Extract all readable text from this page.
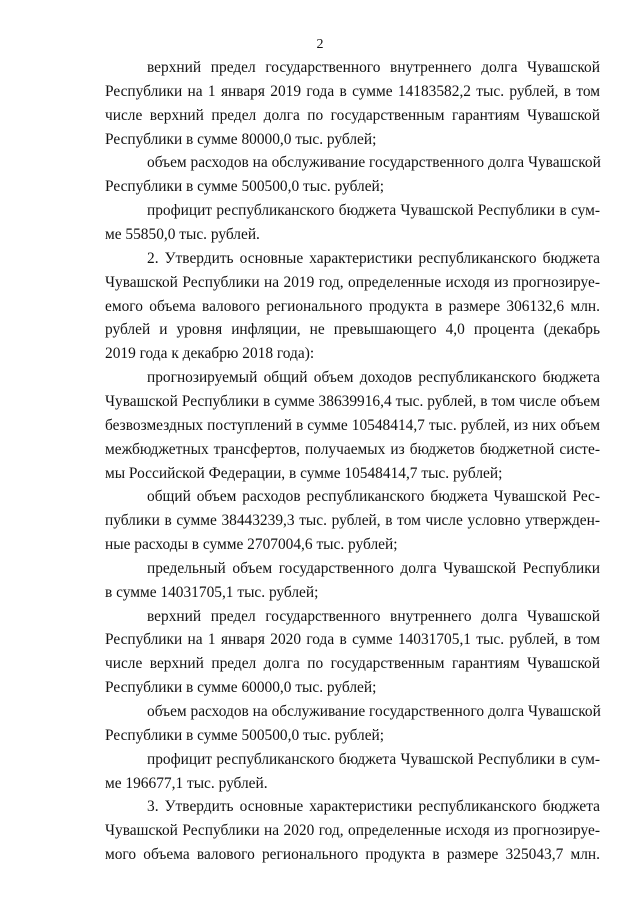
2
верхний предел государственного внутреннего долга Чувашской
Республики на 1 января 2019 года в сумме 14183582,2 тыс. рублей, в том
числе верхний предел долга по государственным гарантиям Чувашской
Республики в сумме 80000,0 тыс. рублей;
объем расходов на обслуживание государственного долга Чувашской
Республики в сумме 500500,0 тыс. рублей;
профицит республиканского бюджета Чувашской Республики в сум-
ме 55850,0 тыс. рублей.
2. Утвердить основные характеристики республиканского бюджета
Чувашской Республики на 2019 год, определенные исходя из прогнозируе-
емого объема валового регионального продукта в размере 306132,6 млн.
рублей и уровня инфляции, не превышающего 4,0 процента (декабрь
2019 года к декабрю 2018 года):
прогнозируемый общий объем доходов республиканского бюджета
Чувашской Республики в сумме 38639916,4 тыс. рублей, в том числе объем
безвозмездных поступлений в сумме 10548414,7 тыс. рублей, из них объем
межбюджетных трансфертов, получаемых из бюджетов бюджетной систе-
мы Российской Федерации, в сумме 10548414,7 тыс. рублей;
общий объем расходов республиканского бюджета Чувашской Рес-
публики в сумме 38443239,3 тыс. рублей, в том числе условно утвержден-
ные расходы в сумме 2707004,6 тыс. рублей;
предельный объем государственного долга Чувашской Республики
в сумме 14031705,1 тыс. рублей;
верхний предел государственного внутреннего долга Чувашской
Республики на 1 января 2020 года в сумме 14031705,1 тыс. рублей, в том
числе верхний предел долга по государственным гарантиям Чувашской
Республики в сумме 60000,0 тыс. рублей;
объем расходов на обслуживание государственного долга Чувашской
Республики в сумме 500500,0 тыс. рублей;
профицит республиканского бюджета Чувашской Республики в сум-
ме 196677,1 тыс. рублей.
3. Утвердить основные характеристики республиканского бюджета
Чувашской Республики на 2020 год, определенные исходя из прогнозируе-
мого объема валового регионального продукта в размере 325043,7 млн.
